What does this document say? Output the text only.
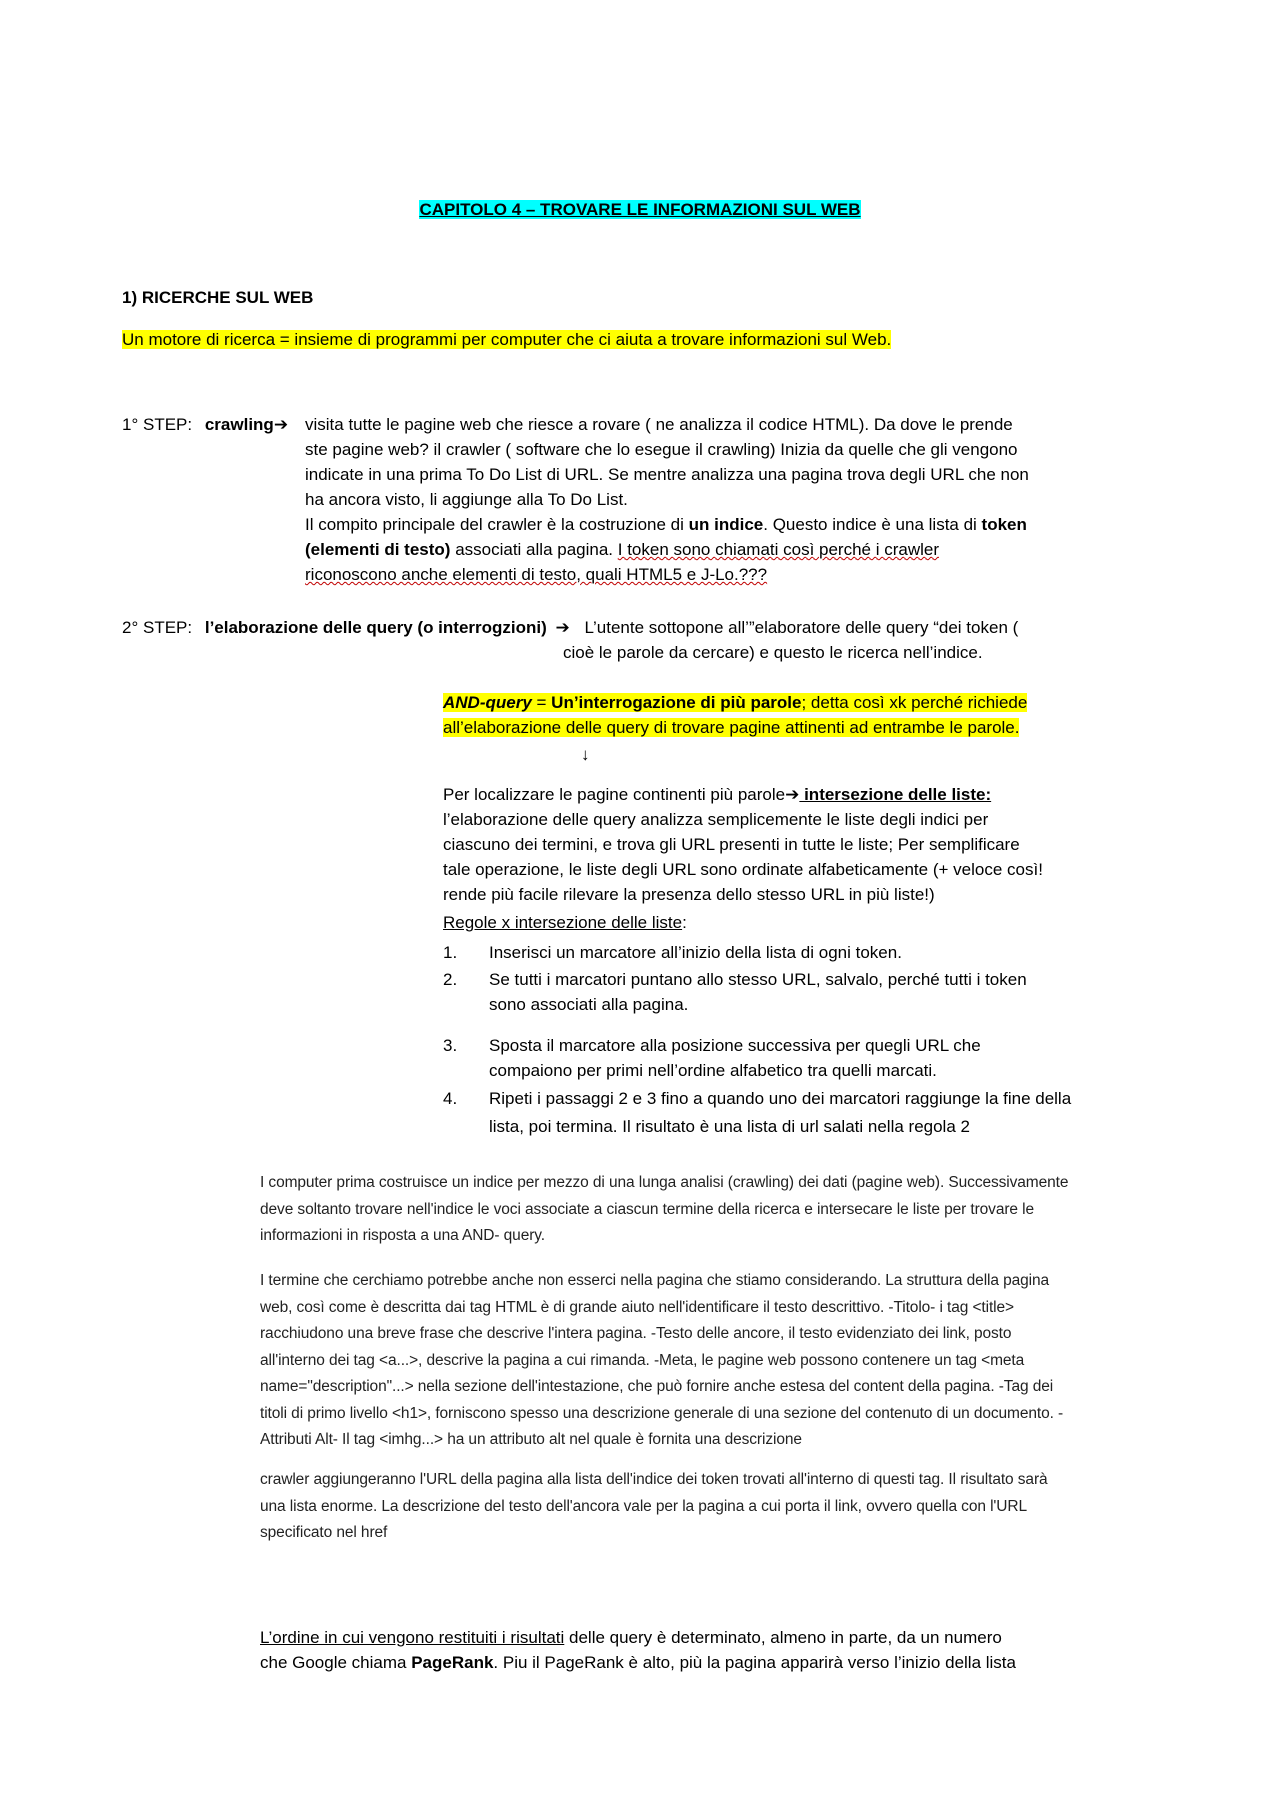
CAPITOLO 4 – TROVARE LE INFORMAZIONI SUL WEB
1) RICERCHE SUL WEB
Un motore di ricerca = insieme di programmi per computer che ci aiuta a trovare informazioni sul Web.
1° STEP: crawling➔ visita tutte le pagine web che riesce a rovare ( ne analizza il codice HTML). Da dove le prende
ste pagine web? il crawler ( software che lo esegue il crawling) Inizia da quelle che gli vengono
indicate in una prima To Do List di URL. Se mentre analizza una pagina trova degli URL che non
ha ancora visto, li aggiunge alla To Do List.
Il compito principale del crawler è la costruzione di un indice. Questo indice è una lista di token
(elementi di testo) associati alla pagina. I token sono chiamati così perché i crawler
riconoscono anche elementi di testo, quali HTML5 e J-Lo.???
2° STEP: l’elaborazione delle query (o interrogzioni) ➔ L’utente sottopone all’”elaboratore delle query “dei token (
cioè le parole da cercare) e questo le ricerca nell’indice.
AND-query = Un’interrogazione di più parole; detta così xk perché richiede
all’elaborazione delle query di trovare pagine attinenti ad entrambe le parole.
↓
Per localizzare le pagine continenti più parole➔ intersezione delle liste:
l’elaborazione delle query analizza semplicemente le liste degli indici per
ciascuno dei termini, e trova gli URL presenti in tutte le liste; Per semplificare
tale operazione, le liste degli URL sono ordinate alfabeticamente (+ veloce così!
rende più facile rilevare la presenza dello stesso URL in più liste!)
Regole x intersezione delle liste:
1. Inserisci un marcatore all’inizio della lista di ogni token.
2. Se tutti i marcatori puntano allo stesso URL, salvalo, perché tutti i token
sono associati alla pagina.
3. Sposta il marcatore alla posizione successiva per quegli URL che
compaiono per primi nell’ordine alfabetico tra quelli marcati.
4. Ripeti i passaggi 2 e 3 fino a quando uno dei marcatori raggiunge la fine della
lista, poi termina. Il risultato è una lista di url salati nella regola 2
I computer prima costruisce un indice per mezzo di una lunga analisi (crawling) dei dati (pagine web). Successivamente
deve soltanto trovare nell'indice le voci associate a ciascun termine della ricerca e intersecare le liste per trovare le
informazioni in risposta a una AND- query.
I termine che cerchiamo potrebbe anche non esserci nella pagina che stiamo considerando. La struttura della pagina
web, così come è descritta dai tag HTML è di grande aiuto nell'identificare il testo descrittivo. -Titolo- i tag <title>
racchiudono una breve frase che descrive l'intera pagina. -Testo delle ancore, il testo evidenziato dei link, posto
all'interno dei tag <a...>, descrive la pagina a cui rimanda. -Meta, le pagine web possono contenere un tag <meta
name="description"...> nella sezione dell'intestazione, che può fornire anche estesa del content della pagina. -Tag dei
titoli di primo livello <h1>, forniscono spesso una descrizione generale di una sezione del contenuto di un documento. -
Attributi Alt- Il tag <imhg...> ha un attributo alt nel quale è fornita una descrizione
crawler aggiungeranno l'URL della pagina alla lista dell'indice dei token trovati all'interno di questi tag. Il risultato sarà
una lista enorme. La descrizione del testo dell'ancora vale per la pagina a cui porta il link, ovvero quella con l'URL
specificato nel href
L’ordine in cui vengono restituiti i risultati delle query è determinato, almeno in parte, da un numero
che Google chiama PageRank. Piu il PageRank è alto, più la pagina apparirà verso l’inizio della lista
